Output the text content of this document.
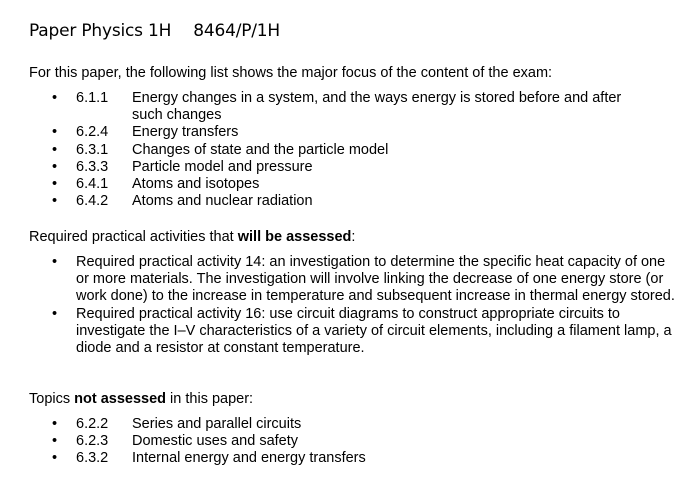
Paper Physics 1H 8464/P/1H
For this paper, the following list shows the major focus of the content of the exam:
• 6.1.1 Energy changes in a system, and the ways energy is stored before and after such changes
• 6.2.4 Energy transfers
• 6.3.1 Changes of state and the particle model
• 6.3.3 Particle model and pressure
• 6.4.1 Atoms and isotopes
• 6.4.2 Atoms and nuclear radiation
Required practical activities that will be assessed:
• Required practical activity 14: an investigation to determine the specific heat capacity of one or more materials. The investigation will involve linking the decrease of one energy store (or work done) to the increase in temperature and subsequent increase in thermal energy stored.
• Required practical activity 16: use circuit diagrams to construct appropriate circuits to investigate the I–V characteristics of a variety of circuit elements, including a filament lamp, a diode and a resistor at constant temperature.
Topics not assessed in this paper:
• 6.2.2 Series and parallel circuits
• 6.2.3 Domestic uses and safety
• 6.3.2 Internal energy and energy transfers
